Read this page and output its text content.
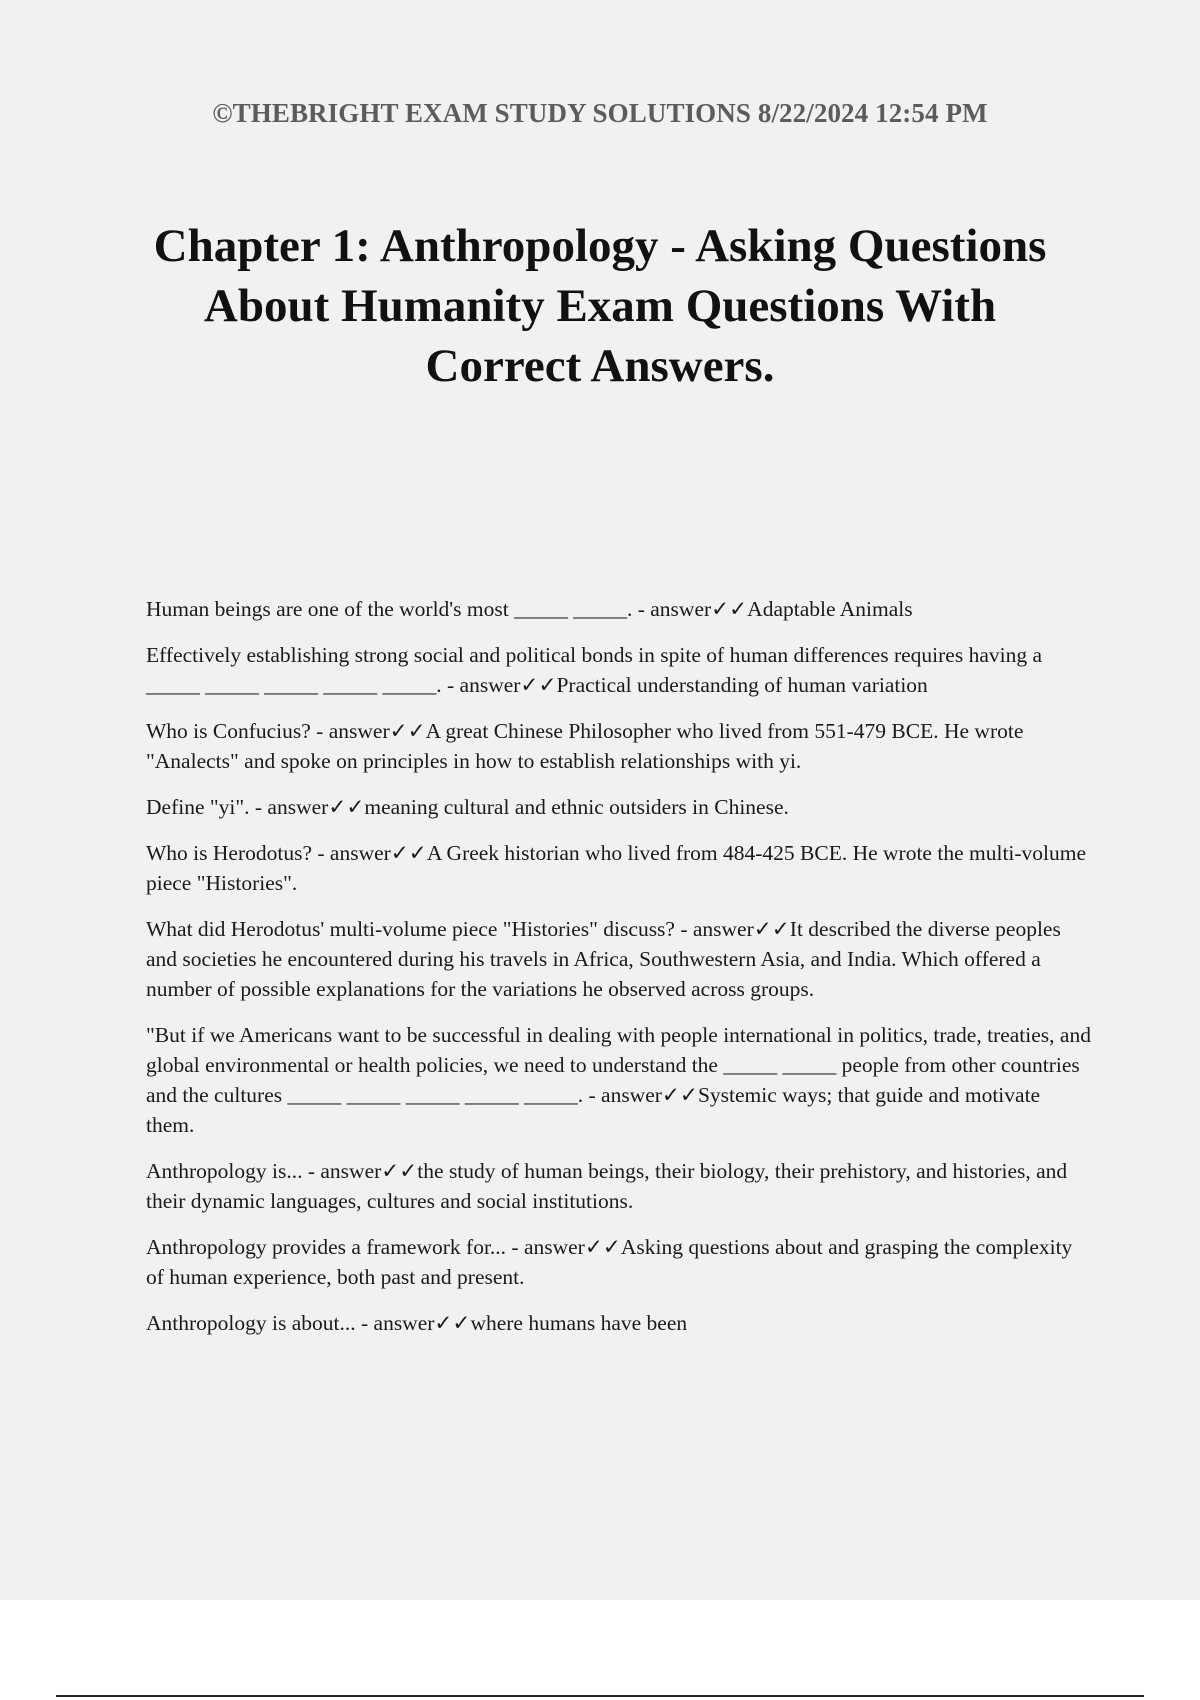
©THEBRIGHT EXAM STUDY SOLUTIONS 8/22/2024 12:54 PM
Chapter 1: Anthropology - Asking Questions About Humanity Exam Questions With Correct Answers.

Human beings are one of the world's most _____ _____. - answer✓✓Adaptable Animals

Effectively establishing strong social and political bonds in spite of human differences requires having a _____ _____ _____ _____ _____. - answer✓✓Practical understanding of human variation

Who is Confucius? - answer✓✓A great Chinese Philosopher who lived from 551-479 BCE. He wrote "Analects" and spoke on principles in how to establish relationships with yi.

Define "yi". - answer✓✓meaning cultural and ethnic outsiders in Chinese.

Who is Herodotus? - answer✓✓A Greek historian who lived from 484-425 BCE. He wrote the multi-volume piece "Histories".

What did Herodotus' multi-volume piece "Histories" discuss? - answer✓✓It described the diverse peoples and societies he encountered during his travels in Africa, Southwestern Asia, and India. Which offered a number of possible explanations for the variations he observed across groups.

"But if we Americans want to be successful in dealing with people international in politics, trade, treaties, and global environmental or health policies, we need to understand the _____ _____ people from other countries and the cultures _____ _____ _____ _____ _____. - answer✓✓Systemic ways; that guide and motivate them.

Anthropology is... - answer✓✓the study of human beings, their biology, their prehistory, and histories, and their dynamic languages, cultures and social institutions.

Anthropology provides a framework for... - answer✓✓Asking questions about and grasping the complexity of human experience, both past and present.

Anthropology is about... - answer✓✓where humans have been
